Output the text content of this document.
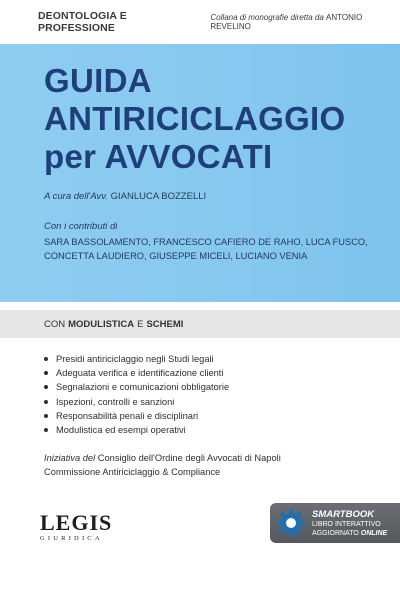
DEONTOLOGIA E PROFESSIONE
Collana di monografie diretta da ANTONIO REVELINO
GUIDA
ANTIRICICLAGGIO
per AVVOCATI
A cura dell'Avv. GIANLUCA BOZZELLI
Con i contributi di
SARA BASSOLAMENTO, FRANCESCO CAFIERO DE RAHO, LUCA FUSCO,
CONCETTA LAUDIERO, GIUSEPPE MICELI, LUCIANO VENIA
CON MODULISTICA E SCHEMI
Presidi antiriciclaggio negli Studi legali
Adeguata verifica e identificazione clienti
Segnalazioni e comunicazioni obbligatorie
Ispezioni, controlli e sanzioni
Responsabilità penali e disciplinari
Modulistica ed esempi operativi
Iniziativa del Consiglio dell'Ordine degli Avvocati di Napoli
Commissione Antiriciclaggio & Compliance
LEGIS
GIURIDICA
SMARTBOOK
LIBRO INTERATTIVO
AGGIORNATO ONLINE
